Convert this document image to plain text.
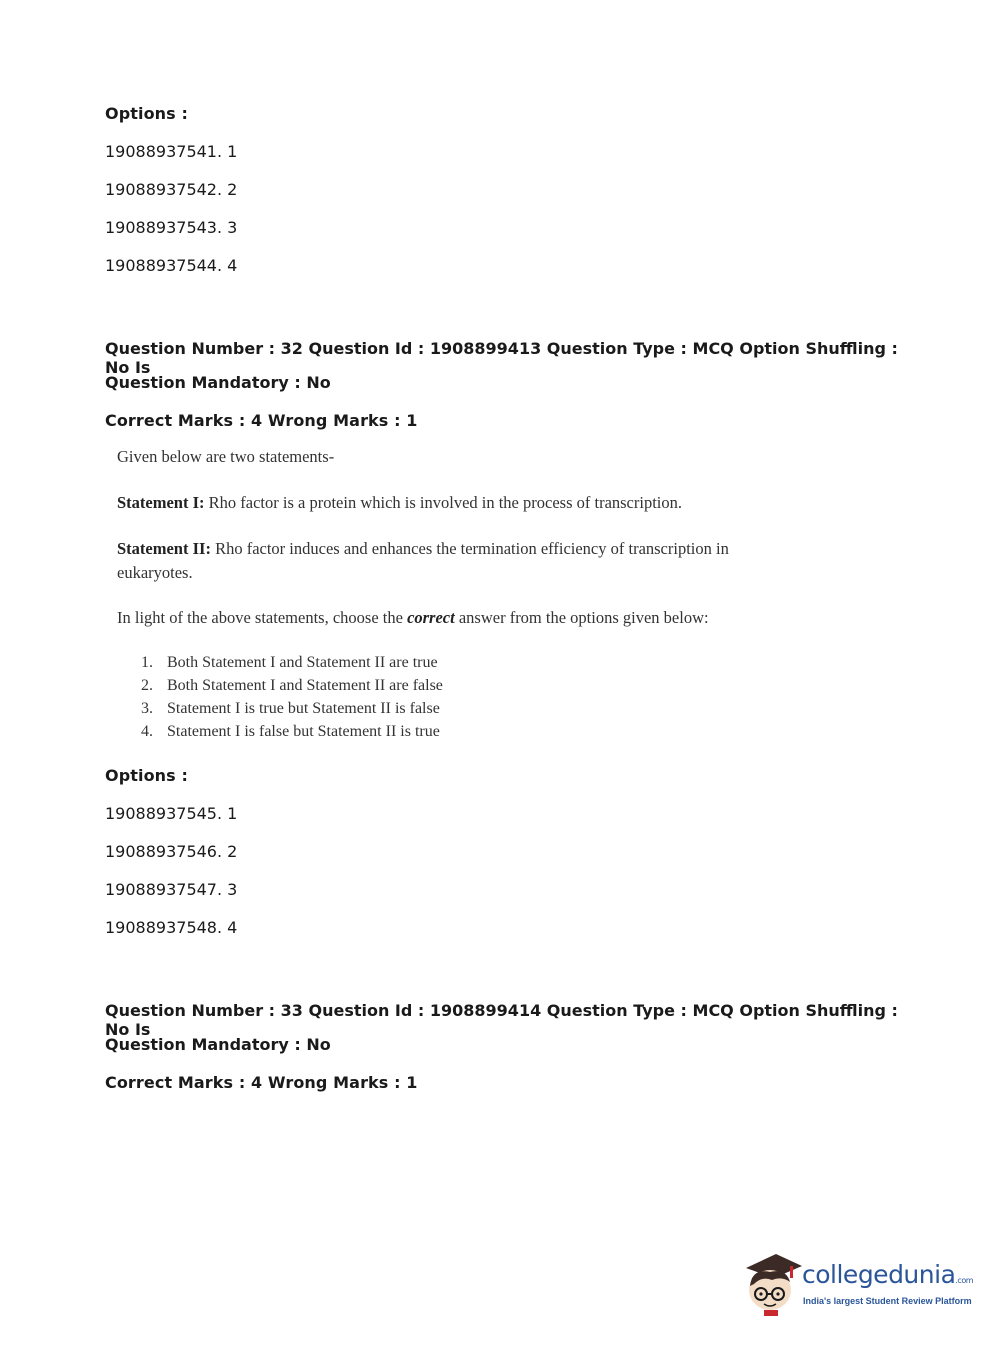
Options :
19088937541. 1
19088937542. 2
19088937543. 3
19088937544. 4
Question Number : 32 Question Id : 1908899413 Question Type : MCQ Option Shuffling : No Is
Question Mandatory : No
Correct Marks : 4 Wrong Marks : 1
Given below are two statements-
Statement I: Rho factor is a protein which is involved in the process of transcription.
Statement II: Rho factor induces and enhances the termination efficiency of transcription in
eukaryotes.
In light of the above statements, choose the correct answer from the options given below:
1. Both Statement I and Statement II are true
2. Both Statement I and Statement II are false
3. Statement I is true but Statement II is false
4. Statement I is false but Statement II is true
Options :
19088937545. 1
19088937546. 2
19088937547. 3
19088937548. 4
Question Number : 33 Question Id : 1908899414 Question Type : MCQ Option Shuffling : No Is
Question Mandatory : No
Correct Marks : 4 Wrong Marks : 1
collegedunia.com
India's largest Student Review Platform
